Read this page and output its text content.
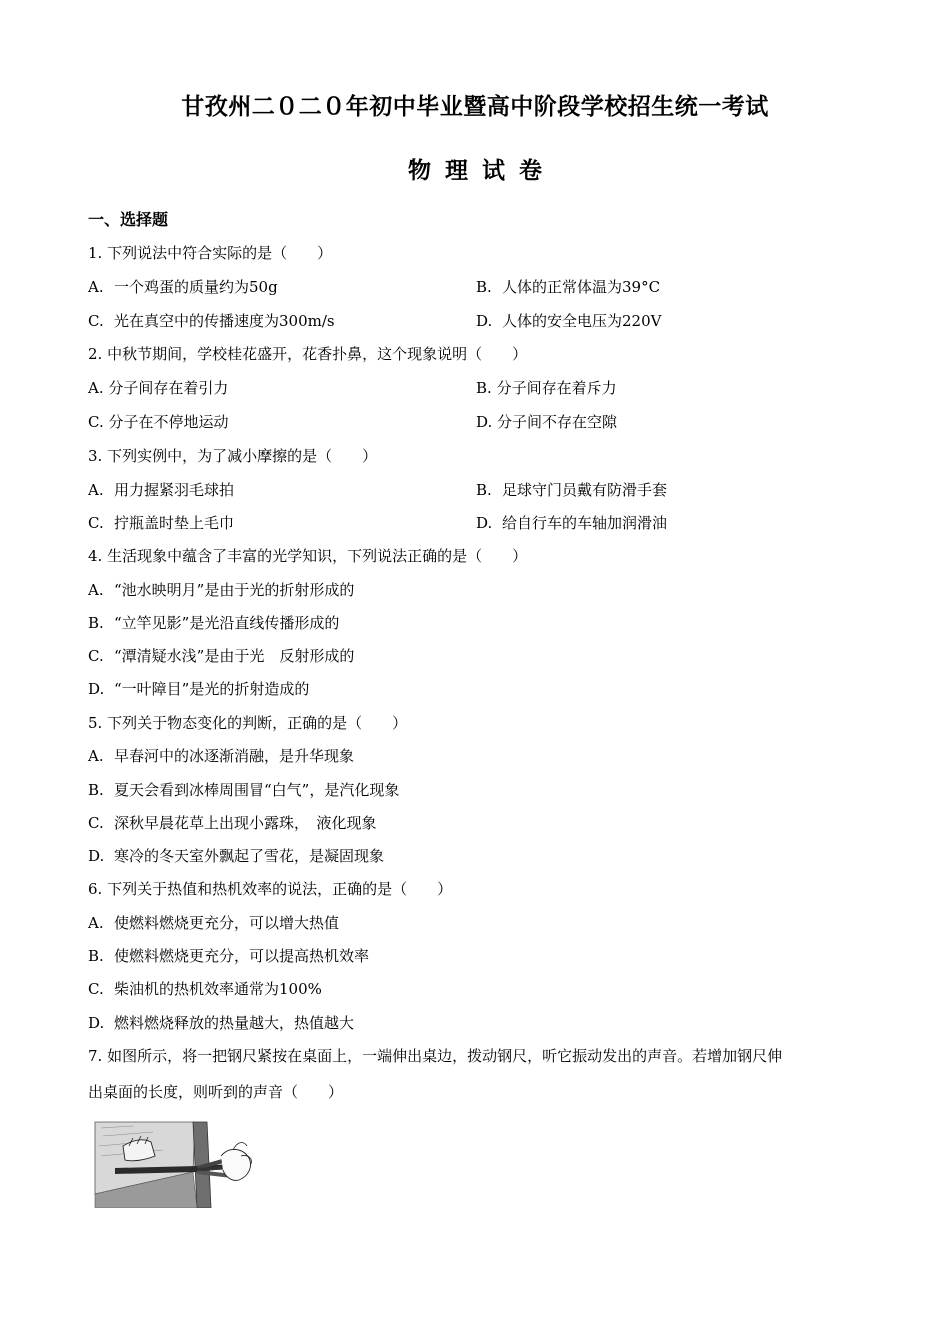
甘孜州二０二０年初中毕业暨高中阶段学校招生统一考试
物理试卷
一、选择题
1. 下列说法中符合实际的是（　　）
A. 一个鸡蛋的质量约为50g	B. 人体的正常体温为39°C
C. 光在真空中的传播速度为300m/s	D. 人体的安全电压为220V
2. 中秋节期间，学校桂花盛开，花香扑鼻，这个现象说明（　　）
A. 分子间存在着引力	B. 分子间存在着斥力
C. 分子在不停地运动	D. 分子间不存在空隙
3. 下列实例中，为了减小摩擦的是（　　）
A. 用力握紧羽毛球拍	B. 足球守门员戴有防滑手套
C. 拧瓶盖时垫上毛巾	D. 给自行车的车轴加润滑油
4. 生活现象中蕴含了丰富的光学知识，下列说法正确的是（　　）
A. “池水映明月”是由于光的折射形成的
B. “立竿见影”是光沿直线传播形成的
C. “潭清疑水浅”是由于光　反射形成的
D. “一叶障目”是光的折射造成的
5. 下列关于物态变化的判断，正确的是（　　）
A. 早春河中的冰逐渐消融，是升华现象
B. 夏天会看到冰棒周围冒“白气”，是汽化现象
C. 深秋早晨花草上出现小露珠，　液化现象
D. 寒冷的冬天室外飘起了雪花，是凝固现象
6. 下列关于热值和热机效率的说法，正确的是（　　）
A. 使燃料燃烧更充分，可以增大热值
B. 使燃料燃烧更充分，可以提高热机效率
C. 柴油机的热机效率通常为100%
D. 燃料燃烧释放的热量越大，热值越大
7. 如图所示，将一把钢尺紧按在桌面上，一端伸出桌边，拨动钢尺，听它振动发出的声音。若增加钢尺伸
出桌面的长度，则听到的声音（　　）
